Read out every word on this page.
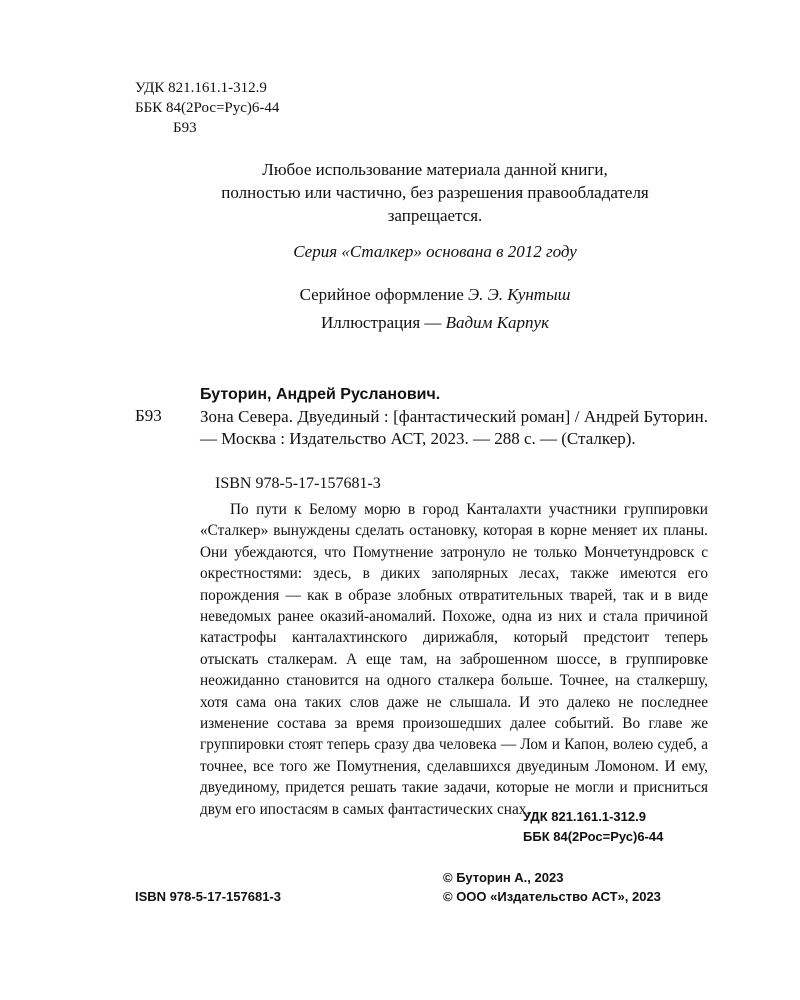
УДК 821.161.1-312.9
ББК 84(2Рос=Рус)6-44
Б93
Любое использование материала данной книги,
полностью или частично, без разрешения правообладателя
запрещается.
Серия «Сталкер» основана в 2012 году
Серийное оформление Э. Э. Кунтыш
Иллюстрация — Вадим Карпук
Буторин, Андрей Русланович.
Б93 Зона Севера. Двуединый : [фантастический роман] / Андрей Буторин. — Москва : Издательство АСТ, 2023. — 288 с. — (Сталкер).
ISBN 978-5-17-157681-3

По пути к Белому морю в город Канталахти участники группировки «Сталкер» вынуждены сделать остановку, которая в корне меняет их планы. Они убеждаются, что Помутнение затронуло не только Мончетундровск с окрестностями: здесь, в диких заполярных лесах, также имеются его порождения — как в образе злобных отвратительных тварей, так и в виде неведомых ранее оказий-аномалий. Похоже, одна из них и стала причиной катастрофы канталахтинского дирижабля, который предстоит теперь отыскать сталкерам. А еще там, на заброшенном шоссе, в группировке неожиданно становится на одного сталкера больше. Точнее, на сталкершу, хотя сама она таких слов даже не слышала. И это далеко не последнее изменение состава за время произошедших далее событий. Во главе же группировки стоят теперь сразу два человека — Лом и Капон, волею судеб, а точнее, все того же Помутнения, сделавшихся двуединым Ломоном. И ему, двуединому, придется решать такие задачи, которые не могли и присниться двум его ипостасям в самых фантастических снах.

УДК 821.161.1-312.9
ББК 84(2Рос=Рус)6-44
© Буторин А., 2023
ISBN 978-5-17-157681-3	© ООО «Издательство АСТ», 2023
